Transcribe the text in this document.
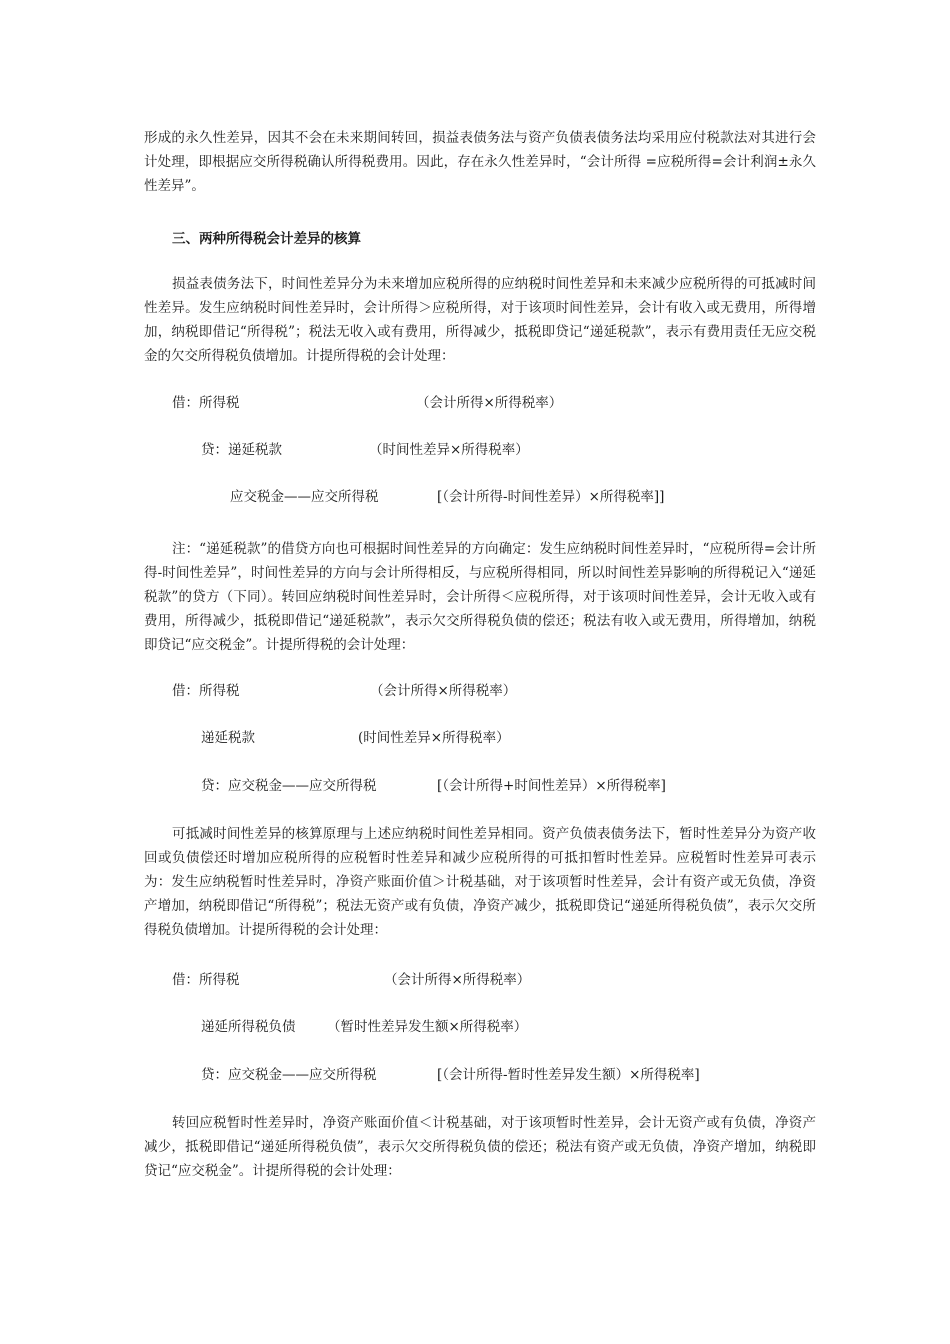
形成的永久性差异，因其不会在未来期间转回，损益表债务法与资产负债表债务法均采用应付税款法对其进行会计处理，即根据应交所得税确认所得税费用。因此，存在永久性差异时，“会计所得 =应税所得=会计利润±永久性差异”。

三、两种所得税会计差异的核算

损益表债务法下，时间性差异分为未来增加应税所得的应纳税时间性差异和未来减少应税所得的可抵减时间性差异。发生应纳税时间性差异时，会计所得＞应税所得，对于该项时间性差异，会计有收入或无费用，所得增加，纳税即借记“所得税”；税法无收入或有费用，所得减少，抵税即贷记“递延税款”，表示有费用责任无应交税金的欠交所得税负债增加。计提所得税的会计处理：

借：所得税	（会计所得×所得税率）
贷：递延税款	（时间性差异×所得税率）
应交税金——应交所得税	[（会计所得-时间性差异）×所得税率]]

注：“递延税款”的借贷方向也可根据时间性差异的方向确定：发生应纳税时间性差异时，“应税所得=会计所得-时间性差异”，时间性差异的方向与会计所得相反，与应税所得相同，所以时间性差异影响的所得税记入“递延税款”的贷方（下同）。转回应纳税时间性差异时，会计所得＜应税所得，对于该项时间性差异，会计无收入或有费用，所得减少，抵税即借记“递延税款”，表示欠交所得税负债的偿还；税法有收入或无费用，所得增加，纳税即贷记“应交税金”。计提所得税的会计处理：

借：所得税	（会计所得×所得税率）
递延税款	(时间性差异×所得税率）
贷：应交税金——应交所得税	[（会计所得+时间性差异）×所得税率]

可抵减时间性差异的核算原理与上述应纳税时间性差异相同。资产负债表债务法下，暂时性差异分为资产收回或负债偿还时增加应税所得的应税暂时性差异和减少应税所得的可抵扣暂时性差异。应税暂时性差异可表示为：发生应纳税暂时性差异时，净资产账面价值＞计税基础，对于该项暂时性差异，会计有资产或无负债，净资产增加，纳税即借记“所得税”；税法无资产或有负债，净资产减少，抵税即贷记“递延所得税负债”，表示欠交所得税负债增加。计提所得税的会计处理：

借：所得税	（会计所得×所得税率）
递延所得税负债 （暂时性差异发生额×所得税率）
贷：应交税金——应交所得税	[（会计所得-暂时性差异发生额）×所得税率]

转回应税暂时性差异时，净资产账面价值＜计税基础，对于该项暂时性差异，会计无资产或有负债，净资产减少，抵税即借记“递延所得税负债”，表示欠交所得税负债的偿还；税法有资产或无负债，净资产增加，纳税即贷记“应交税金”。计提所得税的会计处理：
